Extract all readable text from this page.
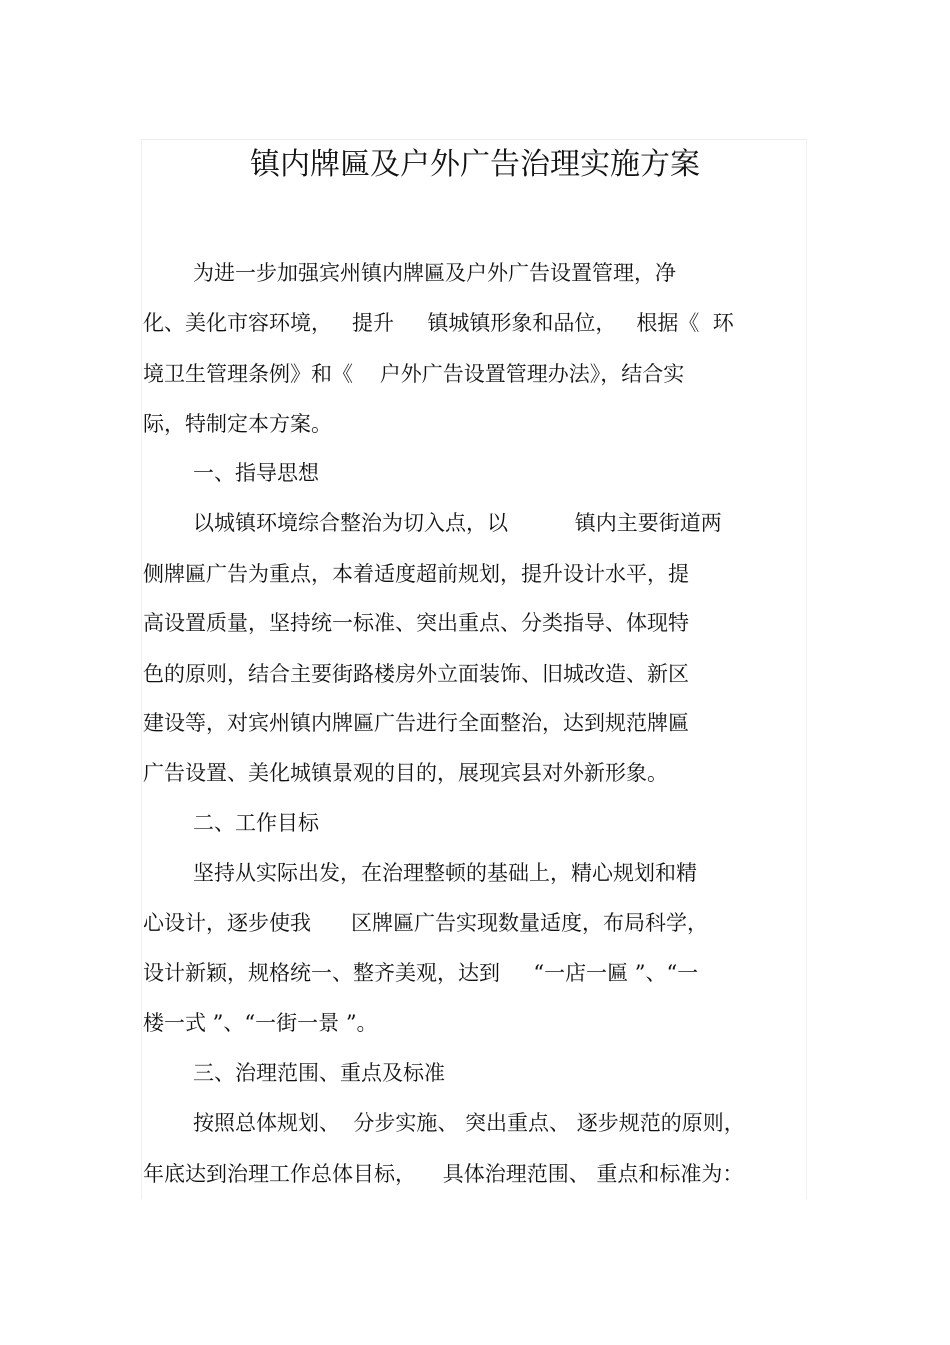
镇内牌匾及户外广告治理实施方案

为进一步加强宾州镇内牌匾及户外广告设置管理，净

化、美化市容环境，   提升     镇城镇形象和品位，   根据《  环

境卫生管理条例》和《    户外广告设置管理办法》，结合实

际，特制定本方案。

一、指导思想

以城镇环境综合整治为切入点，以          镇内主要街道两

侧牌匾广告为重点，本着适度超前规划，提升设计水平，提

高设置质量，坚持统一标准、突出重点、分类指导、体现特

色的原则，结合主要街路楼房外立面装饰、旧城改造、新区

建设等，对宾州镇内牌匾广告进行全面整治，达到规范牌匾

广告设置、美化城镇景观的目的，展现宾县对外新形象。

二、工作目标

坚持从实际出发，在治理整顿的基础上，精心规划和精

心设计，逐步使我      区牌匾广告实现数量适度，布局科学，

设计新颖，规格统一、整齐美观，达到     “一店一匾 ”、“一

楼一式 ”、“一街一景 ”。

三、治理范围、重点及标准

按照总体规划、  分步实施、 突出重点、 逐步规范的原则，

年底达到治理工作总体目标，    具体治理范围、 重点和标准为：
